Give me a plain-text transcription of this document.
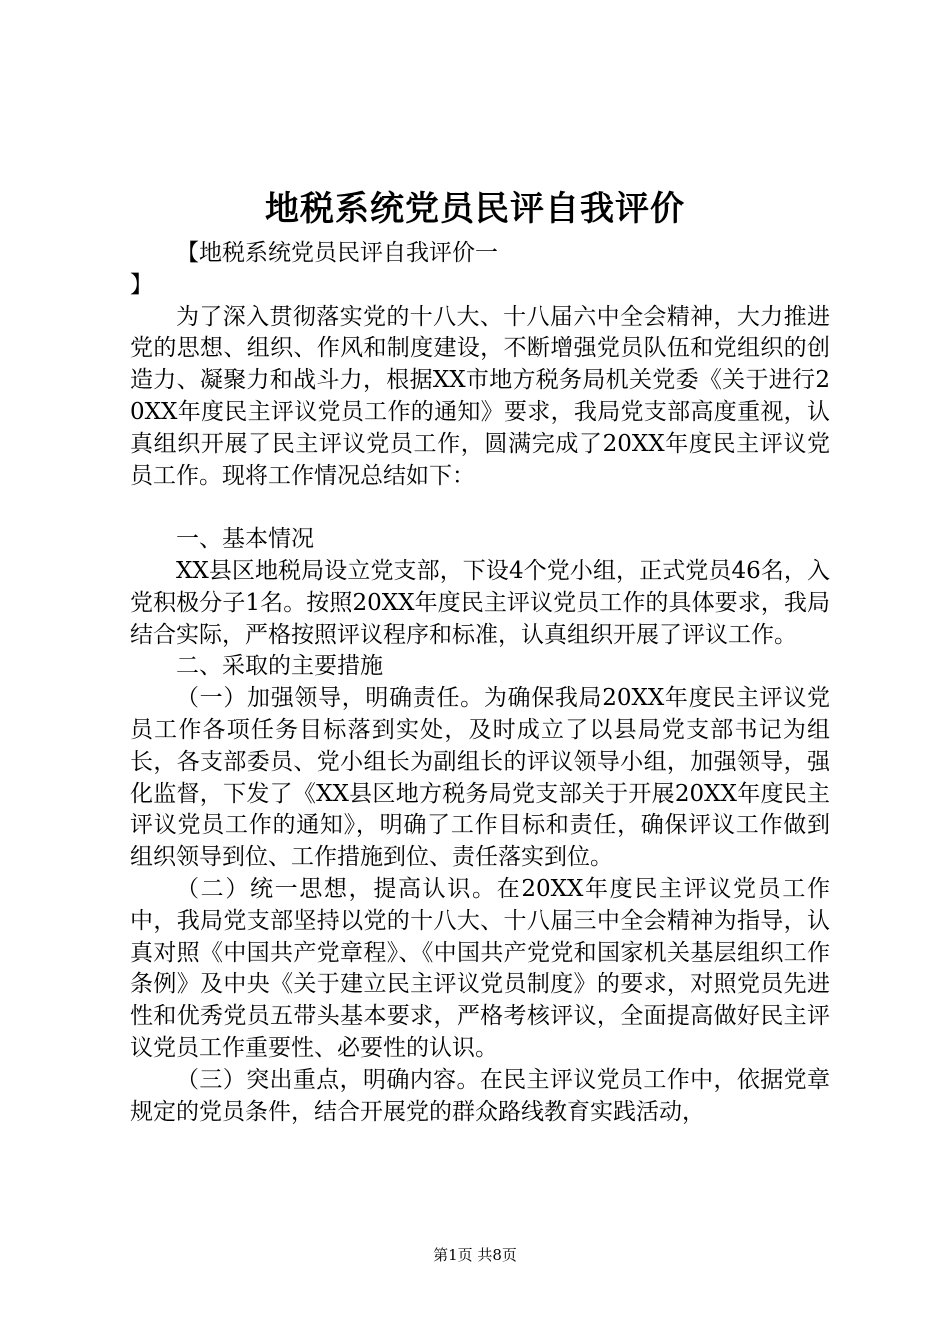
地税系统党员民评自我评价

【地税系统党员民评自我评价一
】

为了深入贯彻落实党的十八大、十八届六中全会精神，大力推进党的思想、组织、作风和制度建设，不断增强党员队伍和党组织的创造力、凝聚力和战斗力，根据XX市地方税务局机关党委《关于进行20XX年度民主评议党员工作的通知》要求，我局党支部高度重视，认真组织开展了民主评议党员工作，圆满完成了20XX年度民主评议党员工作。现将工作情况总结如下：

一、基本情况

XX县区地税局设立党支部，下设4个党小组，正式党员46名，入党积极分子1名。按照20XX年度民主评议党员工作的具体要求，我局结合实际，严格按照评议程序和标准，认真组织开展了评议工作。

二、采取的主要措施

（一）加强领导，明确责任。为确保我局20XX年度民主评议党员工作各项任务目标落到实处，及时成立了以县局党支部书记为组长，各支部委员、党小组长为副组长的评议领导小组，加强领导，强化监督，下发了《XX县区地方税务局党支部关于开展20XX年度民主评议党员工作的通知》，明确了工作目标和责任，确保评议工作做到组织领导到位、工作措施到位、责任落实到位。

（二）统一思想，提高认识。在20XX年度民主评议党员工作中，我局党支部坚持以党的十八大、十八届三中全会精神为指导，认真对照《中国共产党章程》、《中国共产党党和国家机关基层组织工作条例》及中央《关于建立民主评议党员制度》的要求，对照党员先进性和优秀党员五带头基本要求，严格考核评议，全面提高做好民主评议党员工作重要性、必要性的认识。

（三）突出重点，明确内容。在民主评议党员工作中，依据党章规定的党员条件，结合开展党的群众路线教育实践活动，

第1页 共8页
